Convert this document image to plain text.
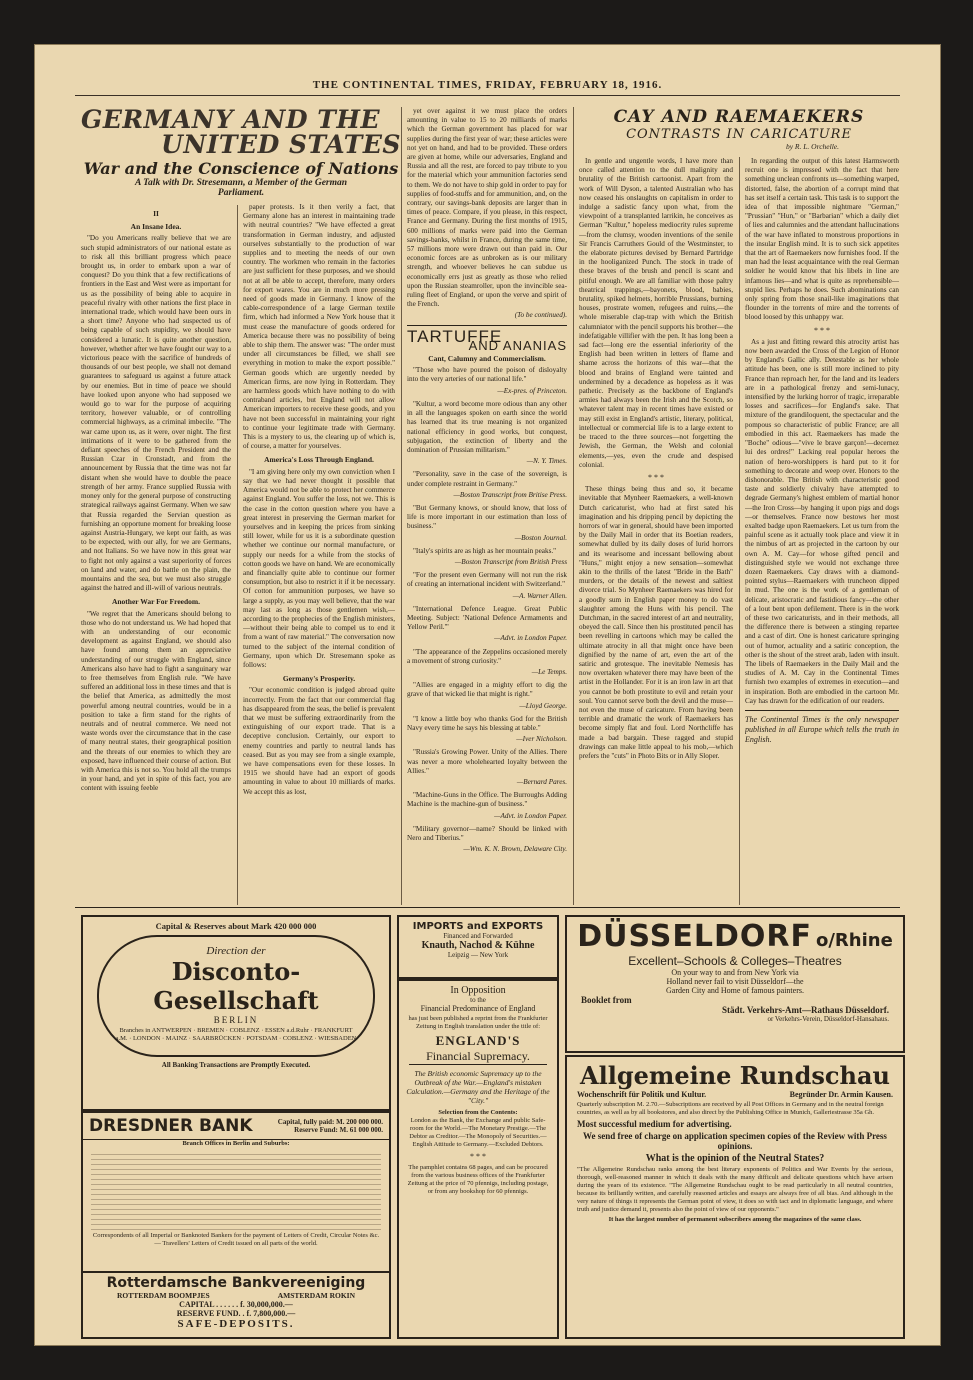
THE CONTINENTAL TIMES, FRIDAY, FEBRUARY 18, 1916.
GERMANY AND THE
UNITED STATES
War and the Conscience of Nations
A Talk with Dr. Stresemann, a Member of the German Parliament.
II
An Insane Idea.

"Do you Americans really believe that we are such stupid administrators of our national estate as to risk all this brilliant progress which peace brought us, in order to embark upon a war of conquest? Do you think that a few rectifications of frontiers in the East and West were as important for us as the possibility of being able to acquire in peaceful rivalry with other nations the first place in international trade, which would have been ours in a short time? Anyone who had suspected us of being capable of such stupidity, we should have considered a lunatic. It is quite another question, however, whether after we have fought our way to a victorious peace with the sacrifice of hundreds of thousands of our best people, we shall not demand guarantees to safeguard us against a future attack by our enemies. But in time of peace we should have looked upon anyone who had supposed we would go to war for the purpose of acquiring territory, however valuable, or of controlling commercial highways, as a criminal imbecile. "The war came upon us, as it were, over night. The first intimations of it were to be gathered from the defiant speeches of the French President and the Russian Czar in Cronstadt, and from the announcement by Russia that the time was not far distant when she would have to double the peace strength of her army. France supplied Russia with money only for the general purpose of constructing strategical railways against Germany. When we saw that Russia regarded the Servian question as furnishing an opportune moment for breaking loose against Austria-Hungary, we kept our faith, as was to be expected, with our ally, for we are Germans, and not Italians. So we have now in this great war to fight not only against a vast superiority of forces on land and water, and do battle on the plain, the mountains and the sea, but we must also struggle against the hatred and ill-will of various neutrals.

Another War For Freedom.

"We regret that the Americans should belong to those who do not understand us. We had hoped that with an understanding of our economic development as against England, we should also have found among them an appreciative understanding of our struggle with England, since Americans also have had to fight a sanguinary war to free themselves from English rule. "We have suffered an additional loss in these times and that is the belief that America, as admittedly the most powerful among neutral countries, would be in a position to take a firm stand for the rights of neutrals and of neutral commerce. We need not waste words over the circumstance that in the case of many neutral states, their geographical position and the threats of our enemies to which they are exposed, have influenced their course of action. But with America this is not so. You hold all the trumps in your hand, and yet in spite of this fact, you are content with issuing feeble

paper protests. Is it then verily a fact, that Germany alone has an interest in maintaining trade with neutral countries? "We have effected a great transformation in German industry, and adjusted ourselves substantially to the production of war supplies and to meeting the needs of our own country. The workmen who remain in the factories are just sufficient for these purposes, and we should not at all be able to accept, therefore, many orders for export wares. You are in much more pressing need of goods made in Germany. I know of the cable-correspondence of a large German textile firm, which had informed a New York house that it must cease the manufacture of goods ordered for America because there was no possibility of being able to ship them. The answer was: "The order must under all circumstances be filled, we shall see everything in motion to make the export possible." German goods which are urgently needed by American firms, are now lying in Rotterdam. They are harmless goods which have nothing to do with contraband articles, but England will not allow American importers to receive these goods, and you have not been successful in maintaining your right to continue your legitimate trade with Germany. This is a mystery to us, the clearing up of which is, of course, a matter for yourselves.

America's Loss Through England.

"I am giving here only my own conviction when I say that we had never thought it possible that America would not be able to protect her commerce against England. You suffer the loss, not we. This is the case in the cotton question where you have a great interest in preserving the German market for yourselves and in keeping the prices from sinking still lower, while for us it is a subordinate question whether we continue our normal manufacture, or supply our needs for a while from the stocks of cotton goods we have on hand. We are economically and financially quite able to continue our former consumption, but also to restrict it if it be necessary. Of cotton for ammunition purposes, we have so large a supply, as you may well believe, that the war may last as long as those gentlemen wish,—according to the prophecies of the English ministers,—without their being able to compel us to end it from a want of raw material." The conversation now turned to the subject of the internal condition of Germany, upon which Dr. Stresemann spoke as follows:

Germany's Prosperity.

"Our economic condition is judged abroad quite incorrectly. From the fact that our commercial flag has disappeared from the seas, the belief is prevalent that we must be suffering extraordinarily from the extinguishing of our export trade. That is a deceptive conclusion. Certainly, our export to enemy countries and partly to neutral lands has ceased. But as you may see from a single example, we have compensations even for these losses. In 1915 we should have had an export of goods amounting in value to about 10 milliards of marks. We accept this as lost,

yet over against it we must place the orders amounting in value to 15 to 20 milliards of marks which the German government has placed for war supplies during the first year of war; these articles were not yet on hand, and had to be provided. These orders are given at home, while our adversaries, England and Russia and all the rest, are forced to pay tribute to you for the material which your ammunition factories send to them. We do not have to ship gold in order to pay for supplies of food-stuffs and for ammunition, and, on the contrary, our savings-bank deposits are larger than in times of peace. Compare, if you please, in this respect, France and Germany. During the first months of 1915, 600 millions of marks were paid into the German savings-banks, whilst in France, during the same time, 57 millions more were drawn out than paid in. Our economic forces are as unbroken as is our military strength, and whoever believes he can subdue us economically errs just as greatly as those who relied upon the Russian steamroller, upon the invincible sea-ruling fleet of England, or upon the verve and spirit of the French.

(To be continued).
TARTUFFE
AND ANANIAS
Cant, Calumny and Commercialism.

"Those who have poured the poison of disloyalty into the very arteries of our national life."

—Ex-pres. of Princeton.

"Kultur, a word become more odious than any other in all the languages spoken on earth since the world has learned that its true meaning is not organized national efficiency in good works, but conquest, subjugation, the extinction of liberty and the domination of Prussian militarism."

—N. Y. Times.

"Personality, save in the case of the sovereign, is under complete restraint in Germany."

—Boston Transcript from Britise Press.

"But Germany knows, or should know, that loss of life is more important in our estimation than loss of business."

—Boston Journal.

"Italy's spirits are as high as her mountain peaks."

—Boston Transcript from British Press

"For the present even Germany will not run the risk of creating an international incident with Switzerland."

—A. Warner Allen.

"International Defence League. Great Public Meeting. Subject: 'National Defence Armaments and Yellow Peril.'"

—Advt. in London Paper.

"The appearance of the Zeppelins occasioned merely a movement of strong curiosity."

—Le Temps.

"Allies are engaged in a mighty effort to dig the grave of that wicked lie that might is right."

—Lloyd George.

"I know a little boy who thanks God for the British Navy every time he says his blessing at table."

—Iver Nicholson.

"Russia's Growing Power. Unity of the Allies. There was never a more wholehearted loyalty between the Allies."

—Bernard Pares.

"Machine-Guns in the Office. The Burroughs Adding Machine is the machine-gun of business."

—Advt. in London Paper.

"Military governor—name? Should be linked with Nero and Tiberius."

—Wm. K. N. Brown, Delaware City.
CAY AND RAEMAEKERS
CONTRASTS IN CARICATURE
by R. L. Orchelle.

In gentle and ungentle words, I have more than once called attention to the dull malignity and brutality of the British cartoonist. Apart from the work of Will Dyson, a talented Australian who has now ceased his onslaughts on capitalism in order to indulge a sadistic fancy upon what, from the viewpoint of a transplanted larrikin, he conceives as German "Kultur," hopeless mediocrity rules supreme—from the clumsy, wooden inventions of the senile Sir Francis Carruthers Gould of the Westminster, to the elaborate pictures devised by Bernard Partridge in the hooliganized Punch. The stock in trade of these braves of the brush and pencil is scant and pitiful enough. We are all familiar with those paltry theatrical trappings,—bayonets, blood, babies, brutality, spiked helmets, horrible Prussians, burning houses, prostrate women, refugees and ruins,—the whole miserable clap-trap with which the British calumniator with the pencil supports his brother—the indefatigable villifier with the pen. It has long been a sad fact—long ere the essential inferiority of the English had been written in letters of flame and shame across the horizons of this war—that the blood and brains of England were tainted and undermined by a decadence as hopeless as it was pathetic. Precisely as the backbone of England's armies had always been the Irish and the Scotch, so whatever talent may in recent times have existed or may still exist in England's artistic, literary, political, intellectual or commercial life is to a large extent to be traced to the three sources—not forgetting the Jewish, the German, the Welsh and colonial elements,—yes, even the crude and despised colonial.

* * *

These things being thus and so, it became inevitable that Mynheer Raemaekers, a well-known Dutch caricaturist, who had at first sated his imagination and his dripping pencil by depicting the horrors of war in general, should have been imported by the Daily Mail in order that its Boetian readers, somewhat dulled by its daily doses of lurid horrors and its wearisome and incessant bellowing about "Huns," might enjoy a new sensation—somewhat akin to the thrills of the latest "Bride in the Bath" murders, or the details of the newest and saltiest divorce trial. So Mynheer Raemaekers was hired for a goodly sum in English paper money to do vast slaughter among the Huns with his pencil. The Dutchman, in the sacred interest of art and neutrality, obeyed the call. Since then his prostituted pencil has been revelling in cartoons which may be called the ultimate atrocity in all that might once have been dignified by the name of art, even the art of the satiric and grotesque. The inevitable Nemesis has now overtaken whatever there may have been of the artist in the Hollander. For it is an iron law in art that you cannot be both prostitute to evil and retain your soul. You cannot serve both the devil and the muse—not even the muse of caricature. From having been terrible and dramatic the work of Raemaekers has become simply flat and foul. Lord Northcliffe has made a bad bargain. These ragged and stupid drawings can make little appeal to his mob,—which prefers the "cuts" in Photo Bits or in Ally Sloper.

In regarding the output of this latest Harmsworth recruit one is impressed with the fact that here something unclean confronts us—something warped, distorted, false, the abortion of a corrupt mind that has set itself a certain task. This task is to support the idea of that impossible nightmare "German," "Prussian" "Hun," or "Barbarian" which a daily diet of lies and calumnies and the attendant hallucinations of the war have inflated to monstrous proportions in the insular English mind. It is to such sick appetites that the art of Raemaekers now furnishes food. If the man had the least acquaintance with the real German soldier he would know that his libels in line are infamous lies—and what is quite as reprehensible—stupid lies. Perhaps he does. Such abominations can only spring from those snail-like imaginations that flounder in the torrents of mire and the torrents of blood loosed by this unhappy war.

* * *

As a just and fitting reward this atrocity artist has now been awarded the Cross of the Legion of Honor by England's Gallic ally. Detestable as her whole attitude has been, one is still more inclined to pity France than reproach her, for the land and its leaders are in a pathological frenzy and semi-lunacy, intensified by the lurking horror of tragic, irreparable losses and sacrifices—for England's sake. That mixture of the grandiloquent, the spectacular and the pompous so characteristic of public France; are all embodied in this act. Raemaekers has made the "Boche" odious—"vive le brave garçon!—decernez lui des ordres!" Lacking real popular heroes the nation of hero-worshippers is hard put to it for something to decorate and weep over. Honors to the dishonorable. The British with characteristic good taste and soldierly chivalry have attempted to degrade Germany's highest emblem of martial honor—the Iron Cross—by hanging it upon pigs and dogs—or themselves. France now bestows her most exalted badge upon Raemaekers. Let us turn from the painful scene as it actually took place and view it in the nimbus of art as projected in the cartoon by our own A. M. Cay—for whose gifted pencil and distinguished style we would not exchange three dozen Raemaekers. Cay draws with a diamond-pointed stylus—Raemaekers with truncheon dipped in mud. The one is the work of a gentleman of delicate, aristocratic and fastidious fancy—the other of a lout bent upon defilement. There is in the work of these two caricaturists, and in their methods, all the difference there is between a stinging repartee and a cast of dirt. One is honest caricature springing out of humor, actuality and a satiric conception, the other is the shout of the street arab, laden with insult. The libels of Raemaekers in the Daily Mail and the studies of A. M. Cay in the Continental Times furnish two examples of extremes in execution—and in inspiration. Both are embodied in the cartoon Mr. Cay has drawn for the edification of our readers.

The Continental Times is the only newspaper published in all Europe which tells the truth in English.
Capital & Reserves about Mark 420 000 000
Direction der
Disconto-Gesellschaft
BERLIN
Branches in ANTWERPEN · BREMEN · COBLENZ · ESSEN a.d.Ruhr · FRANKFURT a.M. · LONDON · MAINZ · SAARBRÜCKEN · POTSDAM · COBLENZ · WIESBADEN
All Banking Transactions are Promptly Executed.
DRESDNER BANK	Capital, fully paid: M. 200 000 000.
Reserve Fund: M. 61 000 000.
Branch Offices in Berlin and Suburbs:
Correspondents of all Imperial or Banknoted Bankers for the payment of Letters of Credit, Circular Notes &c. — Travellers' Letters of Credit issued on all parts of the world.
Rotterdamsche Bankvereeniging
ROTTERDAM BOOMPJES	AMSTERDAM ROKIN
CAPITAL . . . . . . f. 30,000,000.—
RESERVE FUND. . f. 7,800,000.—
SAFE-DEPOSITS.
IMPORTS and EXPORTS
Financed and Forwarded
Knauth, Nachod & Kühne
Leipzig — New York
In Opposition
to the
Financial Predominance of England
has just been published a reprint from the Frankfurter Zeitung in English translation under the title of:
ENGLAND'S
Financial Supremacy.
The British economic Supremacy up to the Outbreak of the War.—England's mistaken Calculation.—Germany and the Heritage of the "City."
Selection from the Contents:
London as the Bank, the Exchange and public Safe-room for the World.—The Monetary Prestige.—The Debtor as Creditor.—The Monopoly of Securities.—English Attitude to Germany.—Excluded Debtors.
* * *
The pamphlet contains 68 pages, and can be procured from the various business offices of the Frankfurter Zeitung at the price of 70 pfennigs, including postage, or from any bookshop for 60 pfennigs.
DÜSSELDORF o/Rhine
Excellent–Schools & Colleges–Theatres
On your way to and from New York via
Holland never fail to visit Düsseldorf—the
Garden City and Home of famous painters.
Booklet from
Städt. Verkehrs-Amt—Rathaus Düsseldorf.
or Verkehrs-Verein, Düsseldorf-Hansahaus.
Allgemeine Rundschau
Wochenschrift für Politik und Kultur.	Begründer Dr. Armin Kausen.
Quarterly subscription M. 2.70.—Subscriptions are received by all Post Offices in Germany and in the neutral foreign countries, as well as by all bookstores, and also direct by the Publishing Office in Munich, Galleriestrasse 35a Gh.
Most successful medium for advertising.
We send free of charge on application specimen copies of the Review with Press opinions.
What is the opinion of the Neutral States?
"The Allgemeine Rundschau ranks among the best literary exponents of Politics and War Events by the serious, thorough, well-reasoned manner in which it deals with the many difficult and delicate questions which have arisen during the years of its existence. "The Allgemeine Rundschau ought to be read particularly in all neutral countries, because its brilliantly written, and carefully reasoned articles and essays are always free of all bias. And although in the very nature of things it represents the German point of view, it does so with tact and in diplomatic language, and where truth and justice demand it, presents also the point of view of our opponents."
It has the largest number of permanent subscribers among the magazines of the same class.
